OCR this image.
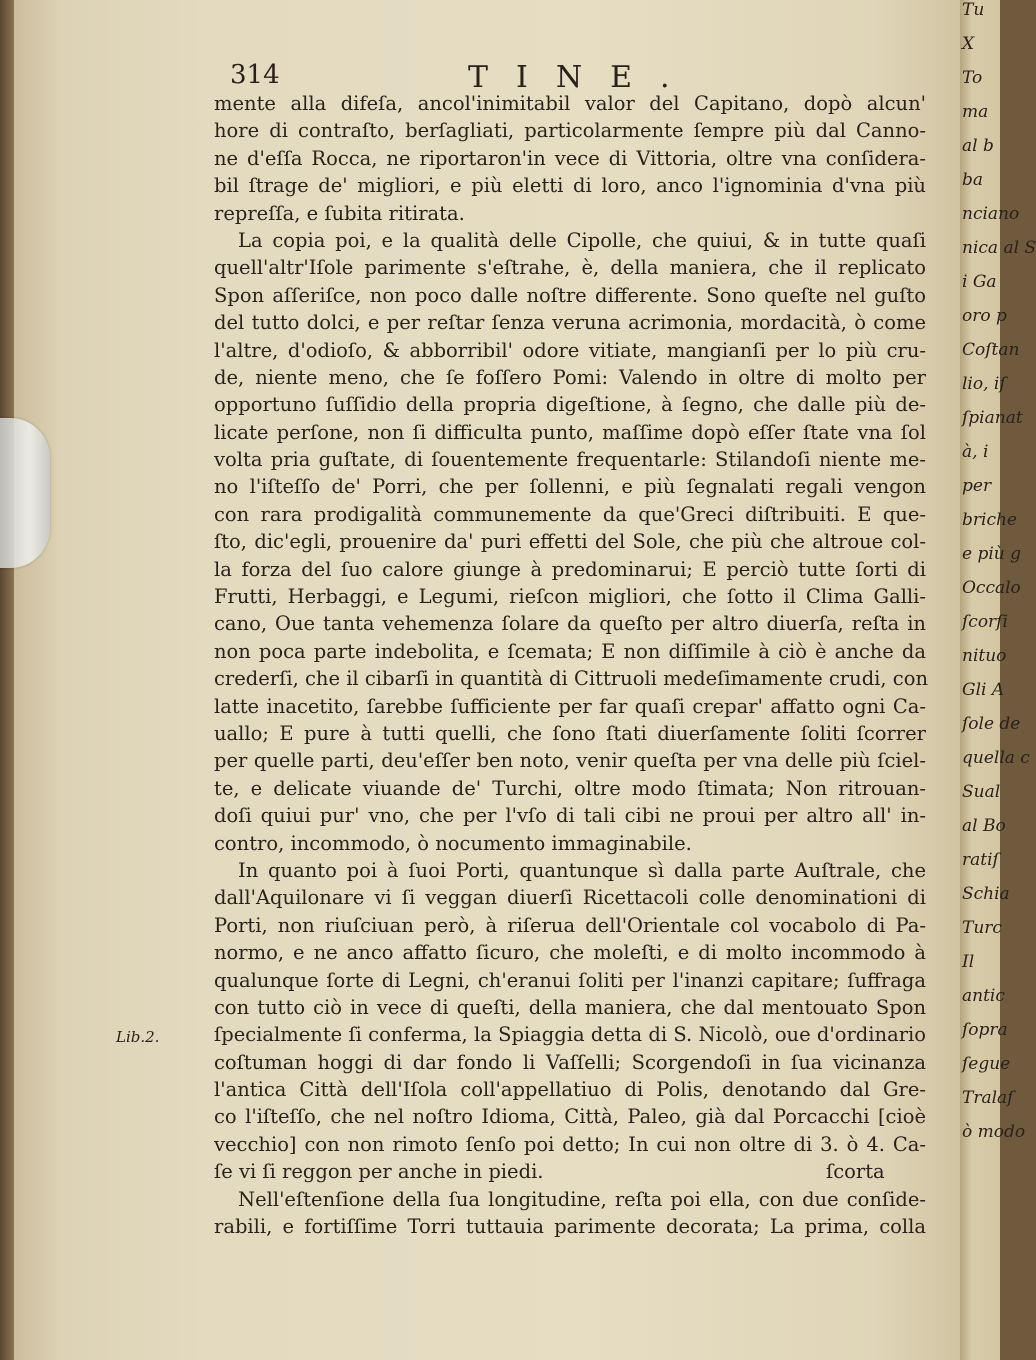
314	TINE.
mente alla difeſa, ancol'inimitabil valor del Capitano, dopò alcun'
hore di contraſto, berſagliati, particolarmente ſempre più dal Canno-
ne d'eſſa Rocca, ne riportaron'in vece di Vittoria, oltre vna conſidera-
bil ſtrage de' migliori, e più eletti di loro, anco l'ignominia d'vna più
repreſſa, e ſubita ritirata.
La copia poi, e la qualità delle Cipolle, che quiui, & in tutte quaſi
quell'altr'Iſole parimente s'eſtrahe, è, della maniera, che il replicato
Spon aſſeriſce, non poco dalle noſtre differente. Sono queſte nel guſto
del tutto dolci, e per reſtar ſenza veruna acrimonia, mordacità, ò come
l'altre, d'odioſo, & abborribil' odore vitiate, mangianſi per lo più cru-
de, niente meno, che ſe foſſero Pomi: Valendo in oltre di molto per
opportuno ſuſſidio della propria digeſtione, à ſegno, che dalle più de-
licate perſone, non ſi difficulta punto, maſſime dopò eſſer ſtate vna ſol
volta pria guſtate, di ſouentemente frequentarle: Stilandoſi niente me-
no l'iſteſſo de' Porri, che per ſollenni, e più ſegnalati regali vengon
con rara prodigalità communemente da que'Greci diſtribuiti. E que-
ſto, dic'egli, prouenire da' puri effetti del Sole, che più che altroue col-
la forza del ſuo calore giunge à predominarui; E perciò tutte ſorti di
Frutti, Herbaggi, e Legumi, rieſcon migliori, che ſotto il Clima Galli-
cano, Oue tanta vehemenza ſolare da queſto per altro diuerſa, reſta in
non poca parte indebolita, e ſcemata; E non diſſimile à ciò è anche da
crederſi, che il cibarſi in quantità di Cittruoli medeſimamente crudi, con
latte inacetito, ſarebbe ſufficiente per far quaſi crepar' affatto ogni Ca-
uallo; E pure à tutti quelli, che ſono ſtati diuerſamente ſoliti ſcorrer
per quelle parti, deu'eſſer ben noto, venir queſta per vna delle più ſciel-
te, e delicate viuande de' Turchi, oltre modo ſtimata; Non ritrouan-
doſi quiui pur' vno, che per l'vſo di tali cibi ne proui per altro all' in-
contro, incommodo, ò nocumento immaginabile.
In quanto poi à ſuoi Porti, quantunque sì dalla parte Auſtrale, che
dall'Aquilonare vi ſi veggan diuerſi Ricettacoli colle denominationi di
Porti, non riuſciuan però, à riſerua dell'Orientale col vocabolo di Pa-
normo, e ne anco affatto ſicuro, che moleſti, e di molto incommodo à
qualunque ſorte di Legni, ch'eranui ſoliti per l'inanzi capitare; ſuffraga
con tutto ciò in vece di queſti, della maniera, che dal mentouato Spon
ſpecialmente ſi conferma, la Spiaggia detta di S. Nicolò, oue d'ordinario
coſtuman hoggi di dar fondo li Vaſſelli; Scorgendoſi in ſua vicinanza
l'antica Città dell'Iſola coll'appellatiuo di Polis, denotando dal Gre-
co l'iſteſſo, che nel noſtro Idioma, Città, Paleo, già dal Porcacchi [cioè
vecchio] con non rimoto ſenſo poi detto; In cui non oltre di 3. ò 4. Ca-
ſe vi ſi reggon per anche in piedi.
Nell'eſtenſione della ſua longitudine, reſta poi ella, con due conſide-
rabili, e fortiſſime Torri tuttauia parimente decorata; La prima, colla
Lib.2.
ſcorta
Tu
X
To
ma
al b
ba
nciano
nica al S
i Ga
oro p
Coſtan
lio, iſ
ſpianat
à, i
per
briche
e più g
Occalo
ſcorſi
nituo
Gli A
ſole de
quella c
Sual
al Bo
ratiſ
Schia
Turc
Il
antic
ſopra
ſegue
Tralaſ
ò modo
